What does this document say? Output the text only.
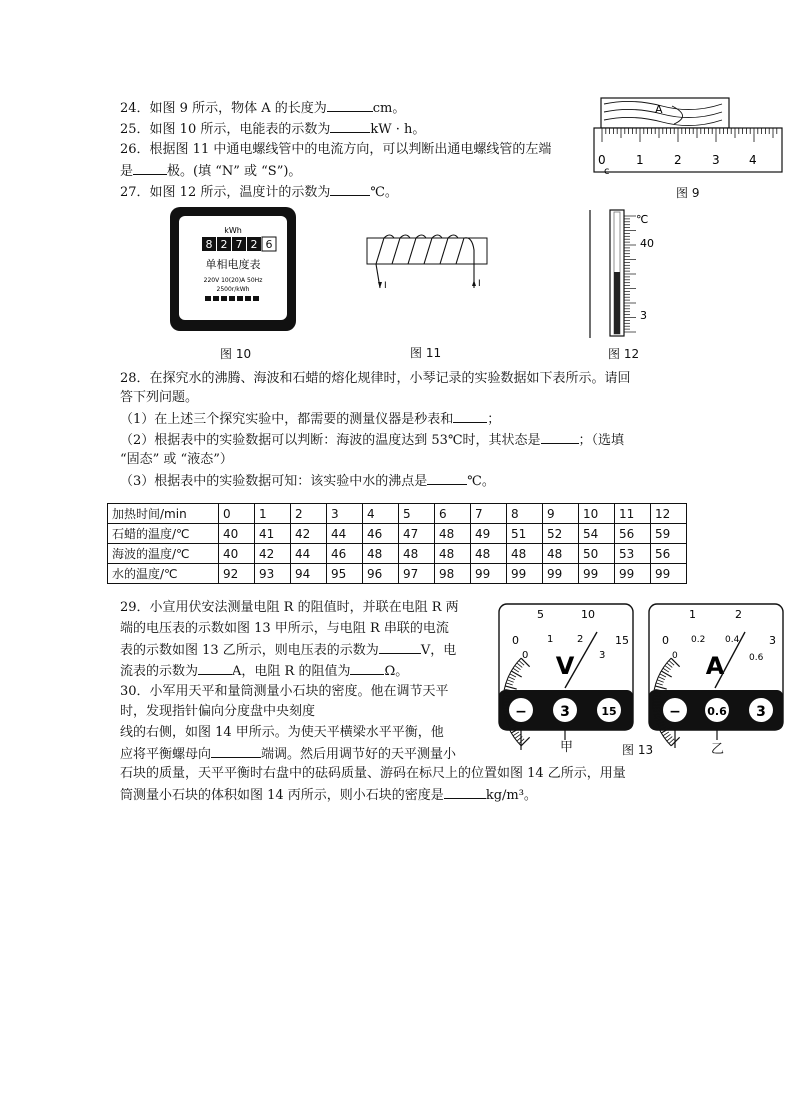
24．如图 9 所示，物体 A 的长度为	cm。
25．如图 10 所示，电能表的示数为	kW · h。
26．根据图 11 中通电螺线管中的电流方向，可以判断出通电螺线管的左端
是	极。(填 “N” 或 “S”)。
27．如图 12 所示，温度计的示数为	℃。
A
0	1	2	3 4
c
图 9
kWh
8 2 7 2 6
单相电度表
220V 10(20)A 50Hz
2500r/kWh
图 10
I	I
图 11
℃
40
3
图 12
28．在探究水的沸腾、海波和石蜡的熔化规律时，小琴记录的实验数据如下表所示。请回
答下列问题。
（1）在上述三个探究实验中，都需要的测量仪器是秒表和	；
（2）根据表中的实验数据可以判断：海波的温度达到 53℃时，其状态是	；（选填
“固态” 或 “液态”）
（3）根据表中的实验数据可知：该实验中水的沸点是	℃。
加热时间/min	0	1	2	3	4	5	6	7	8	9	10	11	12
石蜡的温度/℃	40	41	42	44	46	47	48	49	51	52	54	56	59
海波的温度/℃	40	42	44	46	48	48	48	48	48	48	50	53	56
水的温度/℃	92	93	94	95	96	97	98	99	99	99	99	99	99
29．小宣用伏安法测量电阻 R 的阻值时，并联在电阻 R 两
端的电压表的示数如图 13 甲所示，与电阻 R 串联的电流
表的示数如图 13 乙所示，则电压表的示数为	V，电
流表的示数为	A，电阻 R 的阻值为	Ω。
30．小军用天平和量筒测量小石块的密度。他在调节天平
时，发现指针偏向分度盘中央刻度
线的右侧，如图 14 甲所示。为使天平横梁水平平衡，他
应将平衡螺母向	端调。然后用调节好的天平测量小
石块的质量，天平平衡时右盘中的砝码质量、游码在标尺上的位置如图 14 乙所示，用量
筒测量小石块的体积如图 14 丙所示，则小石块的密度是	kg/m³。
0
5	10
15
0
1 2
3
V
− 3	15
甲
0
1	2
3
0
0.2 0.4
0.6
A
− 0.6 3
乙
图 13
